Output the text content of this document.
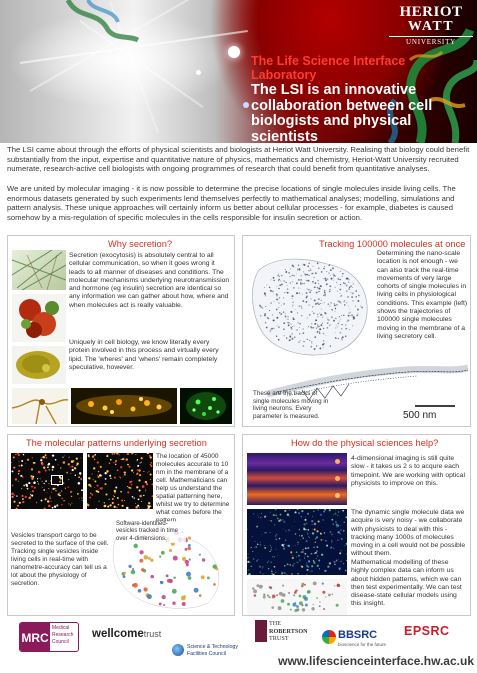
The Life Science Interface Laboratory
The LSI is an innovative collaboration between cell biologists and physical scientists
HERIOT
WATT
UNIVERSITY
The LSI came about through the efforts of physical scientists and biologists at Heriot Watt University. Realising that biology could benefit substantially from the input, expertise and quantitative nature of physics, mathematics and chemistry, Heriot-Watt University recruited numerate, research-active cell biologists with ongoing programmes of research that could benefit from quantitative analyses.
We are united by molecular imaging - it is now possible to determine the precise locations of single molecules inside living cells. The enormous datasets generated by such experiments lend themselves perfectly to mathematical analyses; modelling, simulations and pattern analysis. These unique approaches will certainly inform us better about cellular processes - for example, diabetes is caused somehow by a mis-regulation of specific molecules in the cells responsible for insulin secretion or action.
Why secretion?
Secretion (exocytosis) is absolutely central to all cellular communication, so when it goes wrong it leads to all manner of diseases and conditions. The molecular mechanisms underlying neurotransmission and hormone (eg insulin) secretion are identical so any information we can gather about how, where and when molecules act is really valuable.
Uniquely in cell biology, we know literally every protein involved in this process and virtually every lipid. The 'wheres' and 'whens' remain completely speculative, however.
Tracking 100000 molecules at once
Determining the nano-scale location is not enough - we can also track the real-time movements of very large cohorts of single molecules in living cells in physiological conditions. This example (left) shows the trajectories of 100000 single molecules moving in the membrane of a living secretory cell.
These are the tracks of single molecules moving in living neurons. Every parameter is measured.	500 nm
The molecular patterns underlying secretion
The location of 45000 molecules accurate to 10 nm in the membrane of a cell. Mathematicians can help us understand the spatial patterning here, whilst we try to determine what comes before the
Vesicles transport cargo to be secreted to the surface of the cell. Tracking single vesicles inside living cells in real-time with nanometre-accuracy can tell us a lot about the physiology of secretion.
Software-identified-vesicles tracked in time over 4-dimensions.
How do the physical sciences help?
4-dimensional imaging is still quite slow - it takes us 2 s to acqure each timepoint. We are working with optical physicists to improve on this.
The dynamic single molecule data we acquire is very noisy - we collaborate with physicists to deal with this - tracking many 1000s of molecules moving in a cell would not be possible without them.
Mathematical modelling of these highly complex data can inform us about hidden patterns, which we can then test experimentally. We can test disease-state cellular models using this insight.
MRC
Medical
Research
Council
wellcometrust
Science & Technology
Facilities Council
THE
ROBERTSON
TRUST	BBSRC
bioscience for the future
EPSRC
www.lifescienceinterface.hw.ac.uk
